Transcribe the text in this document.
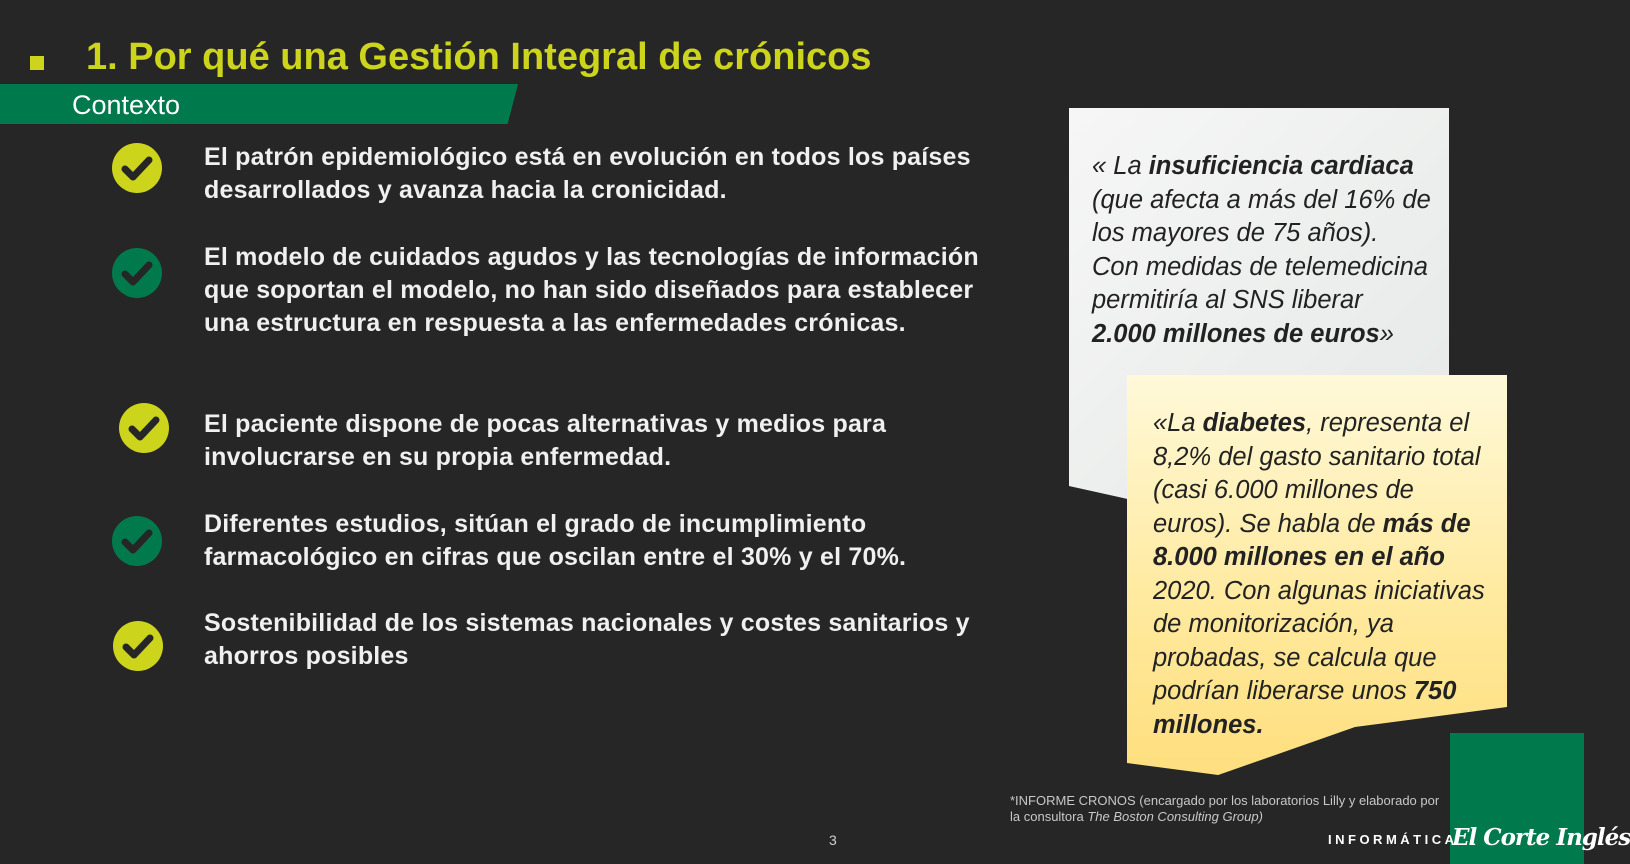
1. Por qué una Gestión Integral de crónicos
Contexto

El patrón epidemiológico está en evolución en todos los países desarrollados y avanza hacia la cronicidad.

El modelo de cuidados agudos y las tecnologías de información que soportan el modelo, no han sido diseñados para establecer una estructura en respuesta a las enfermedades crónicas.

El paciente dispone de pocas alternativas y medios para involucrarse en su propia enfermedad.

Diferentes estudios, sitúan el grado de incumplimiento farmacológico en cifras que oscilan entre el 30% y el 70%.

Sostenibilidad de los sistemas nacionales y costes sanitarios y ahorros posibles

« La insuficiencia cardiaca (que afecta a más del 16% de los mayores de 75 años). Con medidas de telemedicina permitiría al SNS liberar 2.000 millones de euros»

«La diabetes, representa el 8,2% del gasto sanitario total (casi 6.000 millones de euros). Se habla de más de 8.000 millones en el año 2020. Con algunas iniciativas de monitorización, ya probadas, se calcula que podrían liberarse unos 750 millones.

*INFORME CRONOS (encargado por los laboratorios Lilly y elaborado por la consultora The Boston Consulting Group)

3	INFORMÁTICA
El Corte Inglés
